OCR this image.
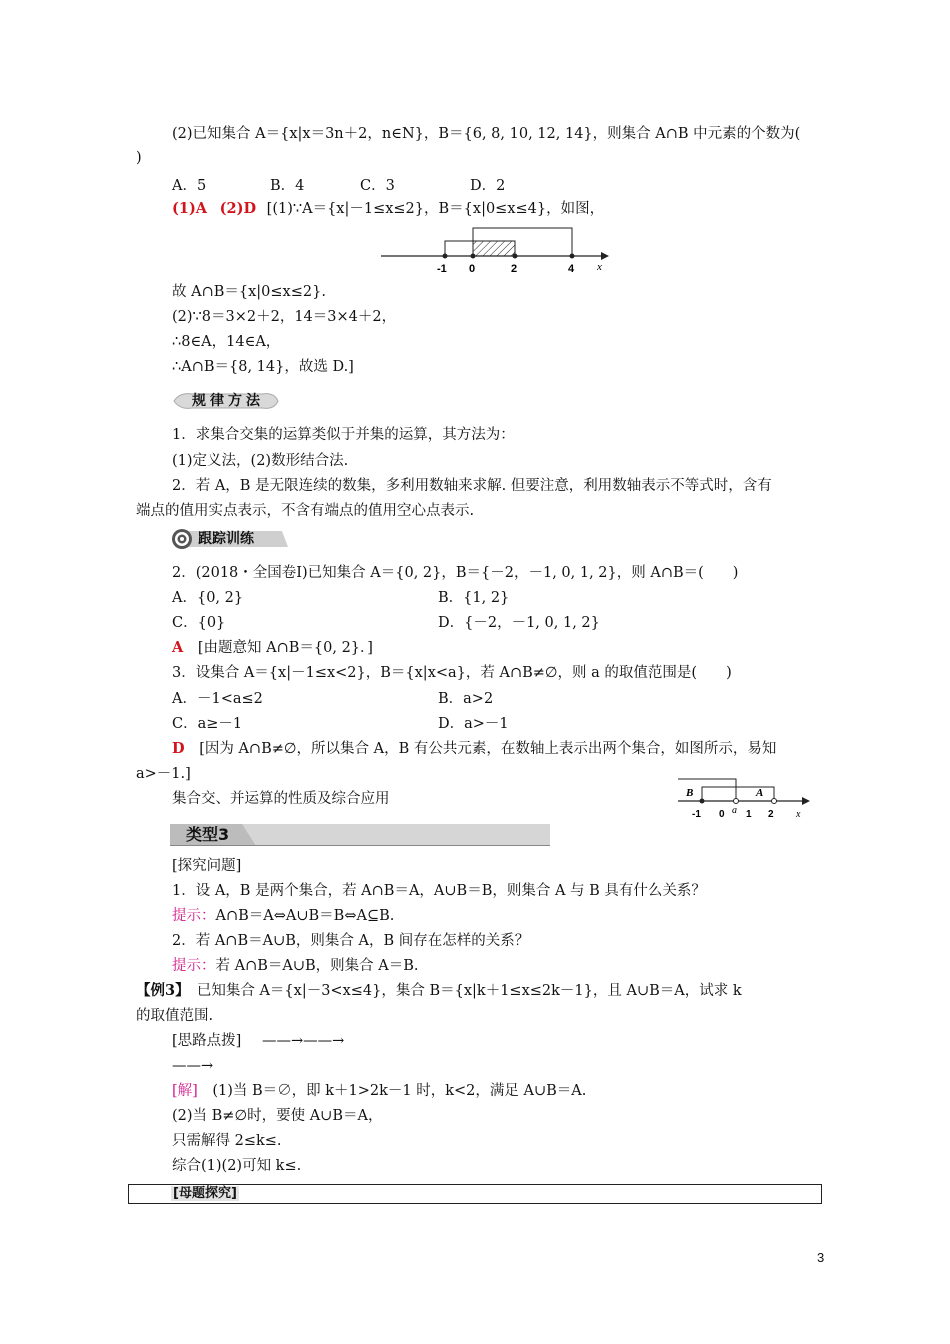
(2)已知集合 A＝{x|x＝3n＋2，n∈N}，B＝{6, 8, 10, 12, 14}，则集合 A∩B 中元素的个数为(
)
A．5	B．4	C．3	D．2
(1)A (2)D [(1)∵A＝{x|－1≤x≤2}，B＝{x|0≤x≤4}，如图，
-1 0	2	4 x
故 A∩B＝{x|0≤x≤2}.
(2)∵8＝3×2＋2，14＝3×4＋2，
∴8∈A，14∈A，
∴A∩B＝{8, 14}，故选 D.]
规律方法
1．求集合交集的运算类似于并集的运算，其方法为：
(1)定义法，(2)数形结合法.
2．若 A，B 是无限连续的数集，多利用数轴来求解. 但要注意，利用数轴表示不等式时，含有
端点的值用实点表示，不含有端点的值用空心点表示.
跟踪训练
2．(2018・全国卷Ⅰ)已知集合 A＝{0, 2}，B＝{－2，－1, 0, 1, 2}，则 A∩B＝(　　)
A．{0, 2}	B．{1, 2}
C．{0}	D．{－2，－1, 0, 1, 2}
A [由题意知 A∩B＝{0, 2}．]
3．设集合 A＝{x|－1≤x<2}，B＝{x|x<a}，若 A∩B≠∅，则 a 的取值范围是(　　)
A．－1<a≤2	B．a>2
C．a≥－1	D．a>－1
D [因为 A∩B≠∅，所以集合 A，B 有公共元素，在数轴上表示出两个集合，如图所示，易知
a>－1.]
集合交、并运算的性质及综合应用	B	A
-1 0 a 1 2 x
类型3
[探究问题]
1．设 A，B 是两个集合，若 A∩B＝A，A∪B＝B，则集合 A 与 B 具有什么关系？
提示：A∩B＝A⇔A∪B＝B⇔A⊆B.
2．若 A∩B＝A∪B，则集合 A，B 间存在怎样的关系？
提示：若 A∩B＝A∪B，则集合 A＝B.
【例3】　已知集合 A＝{x|－3<x≤4}，集合 B＝{x|k＋1≤x≤2k－1}，且 A∪B＝A，试求 k
的取值范围.
[思路点拨] ——→——→
——→
[解]　(1)当 B＝∅，即 k＋1>2k－1 时，k<2，满足 A∪B＝A.
(2)当 B≠∅时，要使 A∪B＝A，
只需解得 2≤k≤.
综合(1)(2)可知 k≤.
[母题探究]
3
